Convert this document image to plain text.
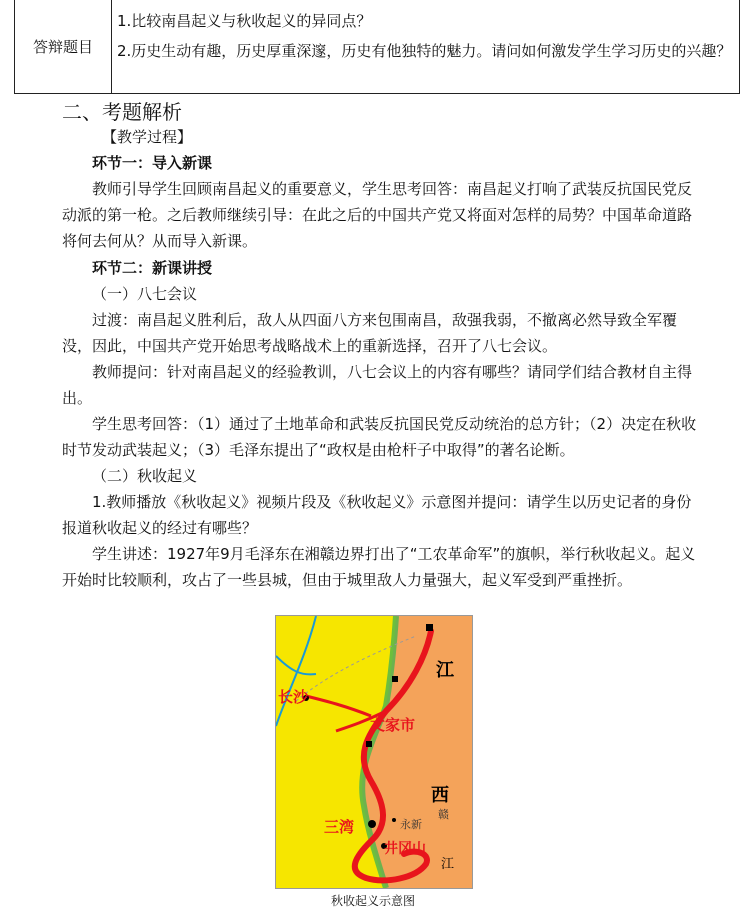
答辩题目
1.比较南昌起义与秋收起义的异同点？
2.历史生动有趣，历史厚重深邃，历史有他独特的魅力。请问如何激发学生学习历史的兴趣？
二、考题解析
【教学过程】
环节一：导入新课
教师引导学生回顾南昌起义的重要意义，学生思考回答：南昌起义打响了武装反抗国民党反动派的第一枪。之后教师继续引导：在此之后的中国共产党又将面对怎样的局势？中国革命道路将何去何从？从而导入新课。
环节二：新课讲授
（一）八七会议
过渡：南昌起义胜利后，敌人从四面八方来包围南昌，敌强我弱，不撤离必然导致全军覆没，因此，中国共产党开始思考战略战术上的重新选择，召开了八七会议。
教师提问：针对南昌起义的经验教训，八七会议上的内容有哪些？请同学们结合教材自主得出。
学生思考回答：（1）通过了土地革命和武装反抗国民党反动统治的总方针；（2）决定在秋收时节发动武装起义；（3）毛泽东提出了“政权是由枪杆子中取得”的著名论断。
（二）秋收起义
1.教师播放《秋收起义》视频片段及《秋收起义》示意图并提问：请学生以历史记者的身份报道秋收起义的经过有哪些？
学生讲述：1927年9月毛泽东在湘赣边界打出了“工农革命军”的旗帜，举行秋收起义。起义开始时比较顺利，攻占了一些县城，但由于城里敌人力量强大，起义军受到严重挫折。
长沙
文家市
三湾	永新
井冈山
江
西
赣
江
秋收起义示意图
